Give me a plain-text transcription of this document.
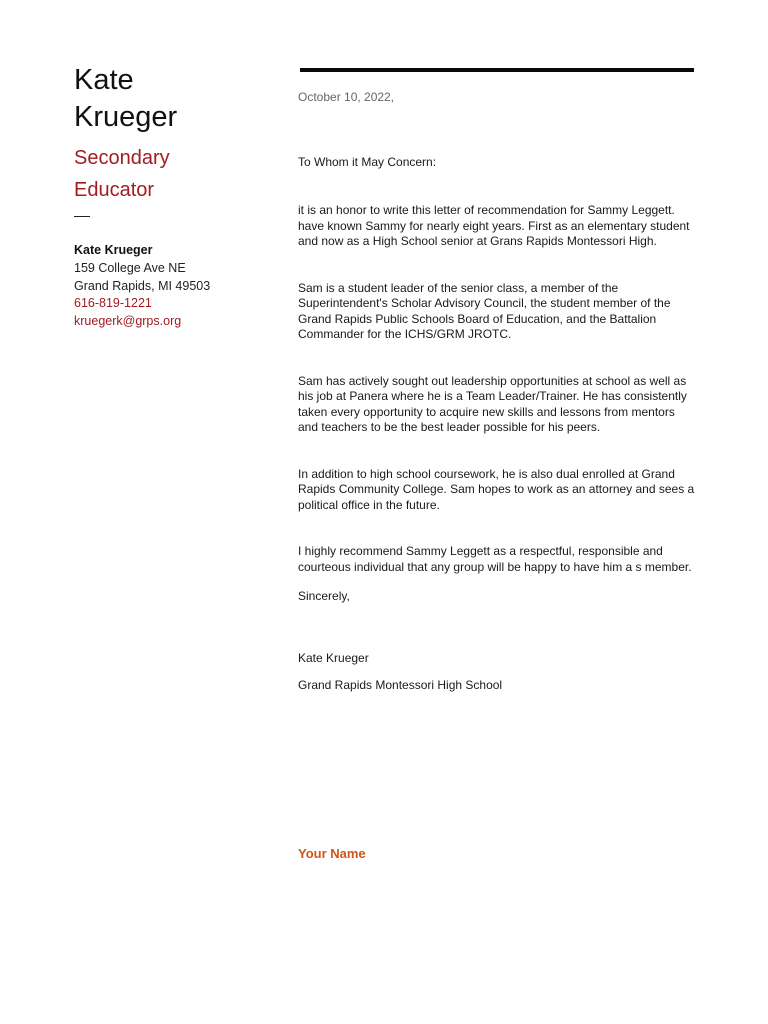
Kate
Krueger
Secondary
Educator
Kate Krueger
159 College Ave NE
Grand Rapids, MI 49503
616-819-1221
kruegerk@grps.org

October 10, 2022,

To Whom it May Concern:

it is an honor to write this letter of recommendation for Sammy Leggett. have known Sammy for nearly eight years. First as an elementary student and now as a High School senior at Grans Rapids Montessori High.

Sam is a student leader of the senior class, a member of the Superintendent's Scholar Advisory Council, the student member of the Grand Rapids Public Schools Board of Education, and the Battalion Commander for the ICHS/GRM JROTC.

Sam has actively sought out leadership opportunities at school as well as his job at Panera where he is a Team Leader/Trainer. He has consistently taken every opportunity to acquire new skills and lessons from mentors and teachers to be the best leader possible for his peers.

In addition to high school coursework, he is also dual enrolled at Grand Rapids Community College. Sam hopes to work as an attorney and sees a political office in the future.

I highly recommend Sammy Leggett as a respectful, responsible and courteous individual that any group will be happy to have him a s member.

Sincerely,

Kate Krueger

Grand Rapids Montessori High School

Your Name
